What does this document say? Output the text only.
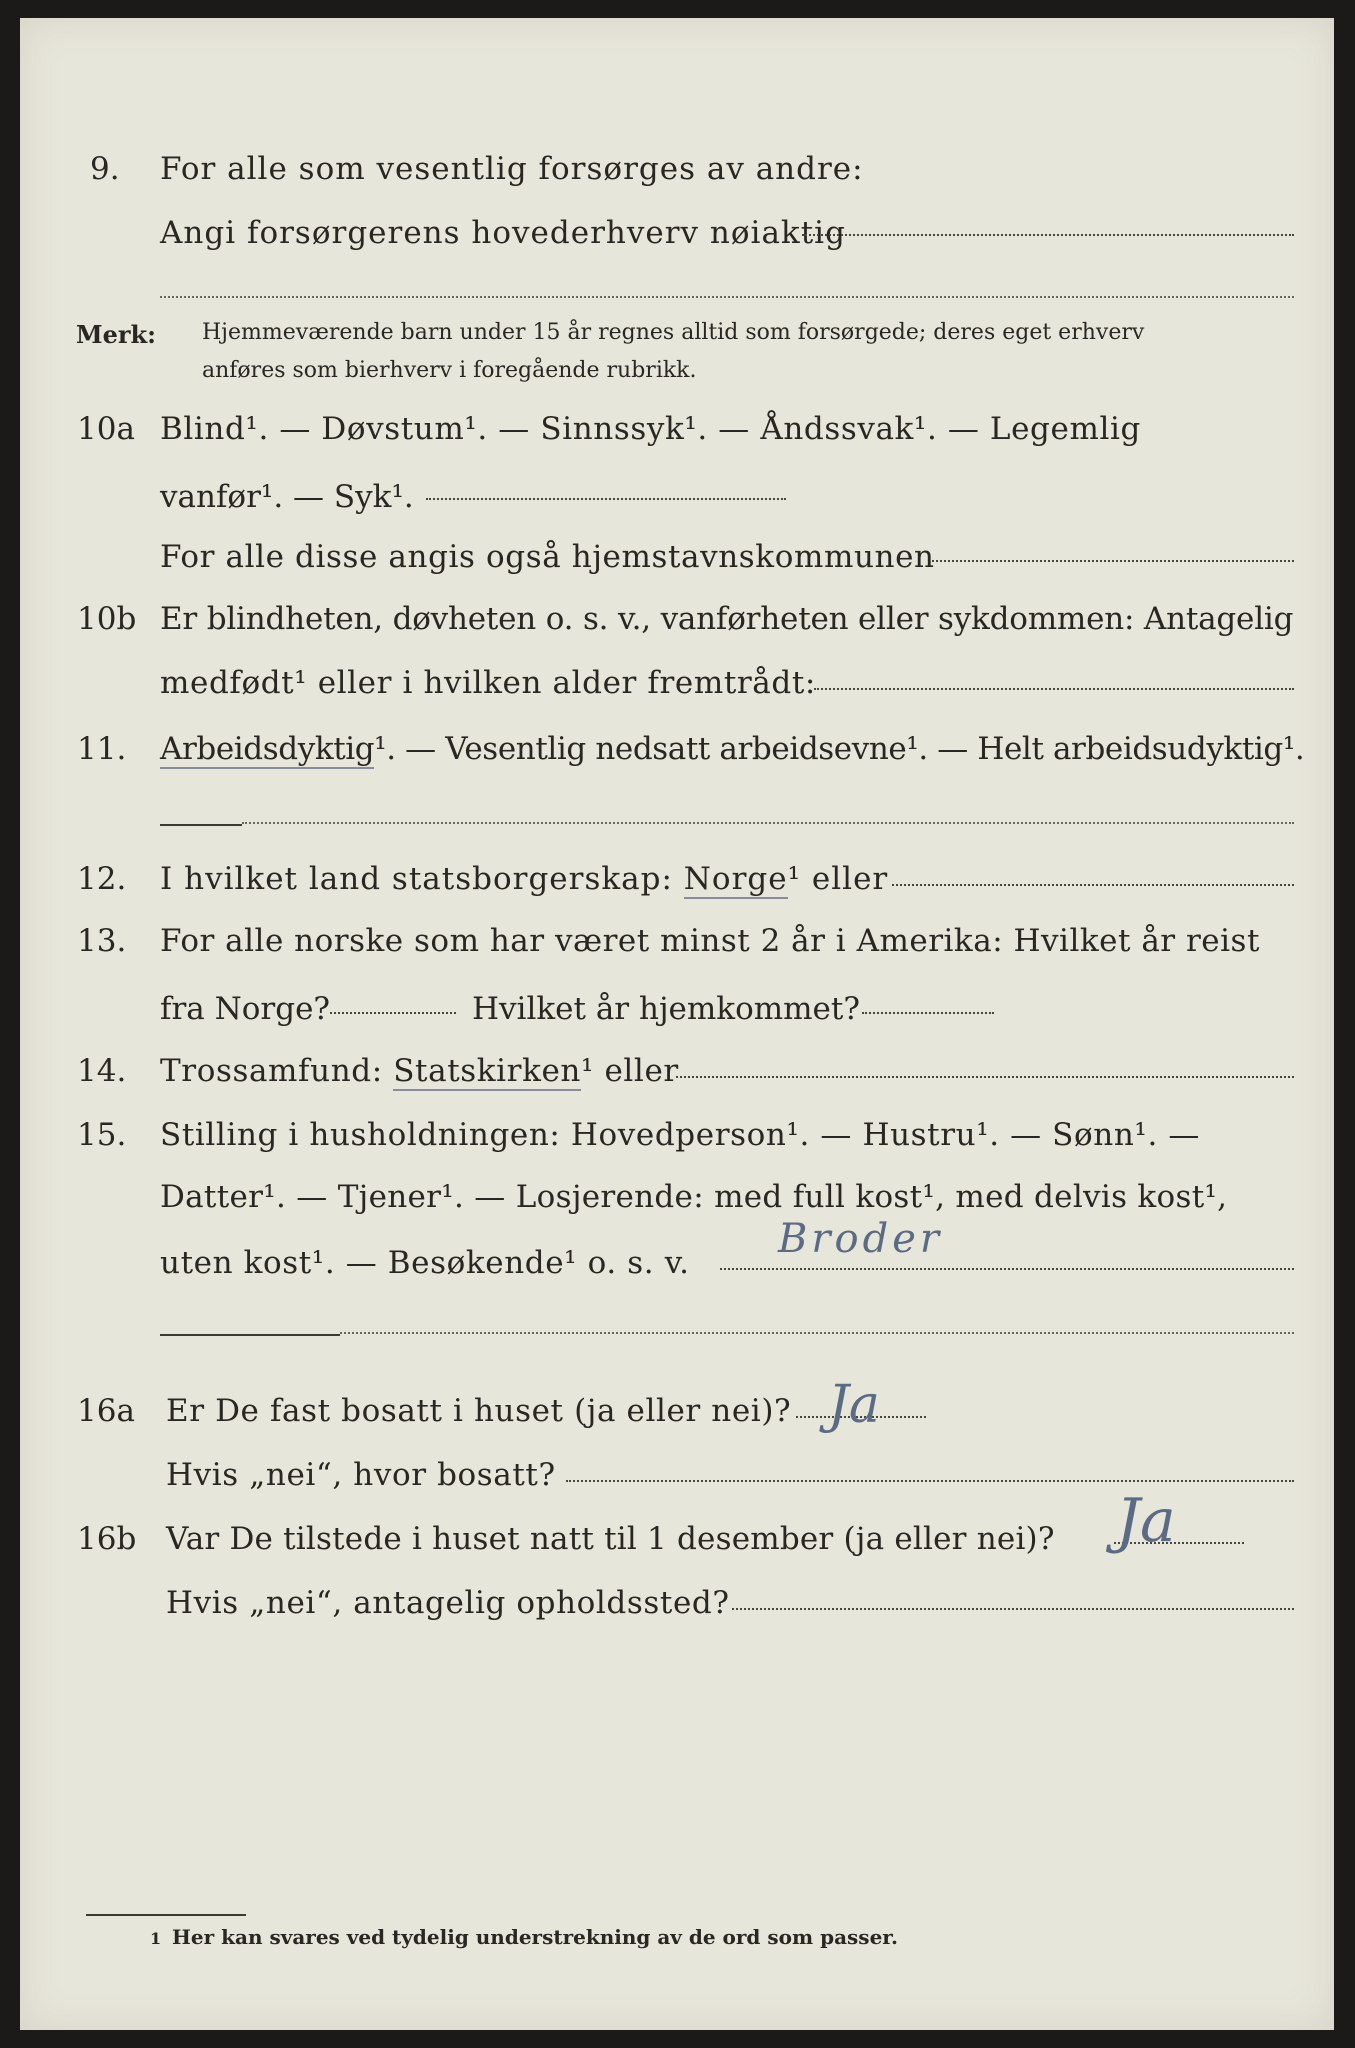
9. For alle som vesentlig forsørges av andre:
Angi forsørgerens hovederhverv nøiaktig
Merk: Hjemmeværende barn under 15 år regnes alltid som forsørgede; deres eget erhverv
anføres som bierhverv i foregående rubrikk.
10a Blind¹. — Døvstum¹. — Sinnssyk¹. — Åndssvak¹. — Legemlig
vanfør¹. — Syk¹.
For alle disse angis også hjemstavnskommunen
10b Er blindheten, døvheten o. s. v., vanførheten eller sykdommen: Antagelig
medfødt¹ eller i hvilken alder fremtrådt:
11. Arbeidsdyktig¹. — Vesentlig nedsatt arbeidsevne¹. — Helt arbeidsudyktig¹.
12. I hvilket land statsborgerskap: Norge¹ eller
13. For alle norske som har været minst 2 år i Amerika: Hvilket år reist
fra Norge?	Hvilket år hjemkommet?
14. Trossamfund: Statskirken¹ eller
15. Stilling i husholdningen: Hovedperson¹. — Hustru¹. — Sønn¹. —
Datter¹. — Tjener¹. — Losjerende: med full kost¹, med delvis kost¹,
uten kost¹. — Besøkende¹ o. s. v.
Broder
16a Er De fast bosatt i huset (ja eller nei)? Ja
Hvis „nei“, hvor bosatt?
16b Var De tilstede i huset natt til 1 desember (ja eller nei)? Ja
Hvis „nei“, antagelig opholdssted?
1 Her kan svares ved tydelig understrekning av de ord som passer.
